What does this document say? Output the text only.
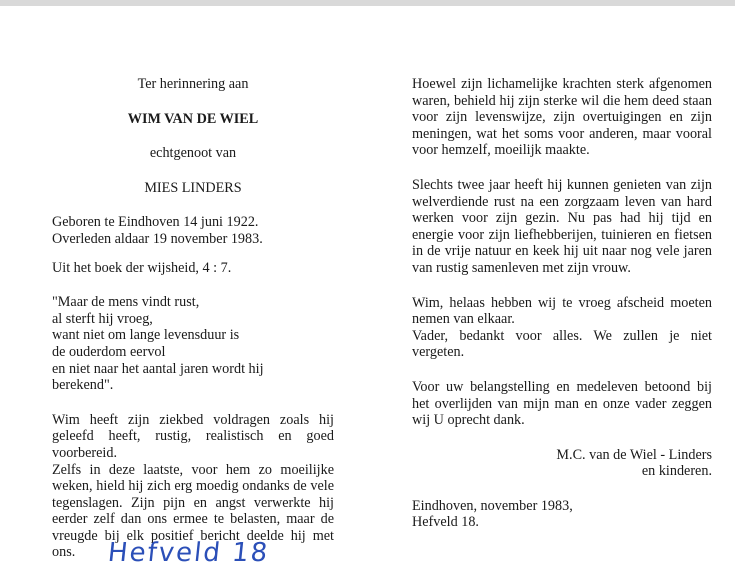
Ter herinnering aan

WIM VAN DE WIEL

echtgenoot van

MIES LINDERS

Geboren te Eindhoven 14 juni 1922.

Overleden aldaar 19 november 1983.

Uit het boek der wijsheid, 4 : 7.

"Maar de mens vindt rust,
al sterft hij vroeg,
want niet om lange levensduur is
de ouderdom eervol
en niet naar het aantal jaren wordt hij
berekend".

Wim heeft zijn ziekbed voldragen zoals hij geleefd heeft, rustig, realistisch en goed voorbereid.

Zelfs in deze laatste, voor hem zo moeilijke weken, hield hij zich erg moedig ondanks de vele tegenslagen. Zijn pijn en angst verwerkte hij eerder zelf dan ons ermee te belasten, maar de vreugde bij elk positief bericht deelde hij met ons.

Hoewel zijn lichamelijke krachten sterk afgenomen waren, behield hij zijn sterke wil die hem deed staan voor zijn levenswijze, zijn overtuigingen en zijn meningen, wat het soms voor anderen, maar vooral voor hemzelf, moeilijk maakte.

Slechts twee jaar heeft hij kunnen genieten van zijn welverdiende rust na een zorgzaam leven van hard werken voor zijn gezin. Nu pas had hij tijd en energie voor zijn liefhebberijen, tuinieren en fietsen in de vrije natuur en keek hij uit naar nog vele jaren van rustig samenleven met zijn vrouw.

Wim, helaas hebben wij te vroeg afscheid moeten nemen van elkaar.

Vader, bedankt voor alles. We zullen je niet vergeten.

Voor uw belangstelling en medeleven betoond bij het overlijden van mijn man en onze vader zeggen wij U oprecht dank.

M.C. van de Wiel - Linders

en kinderen.

Eindhoven, november 1983,

Hefveld 18.

Hefveld 18
